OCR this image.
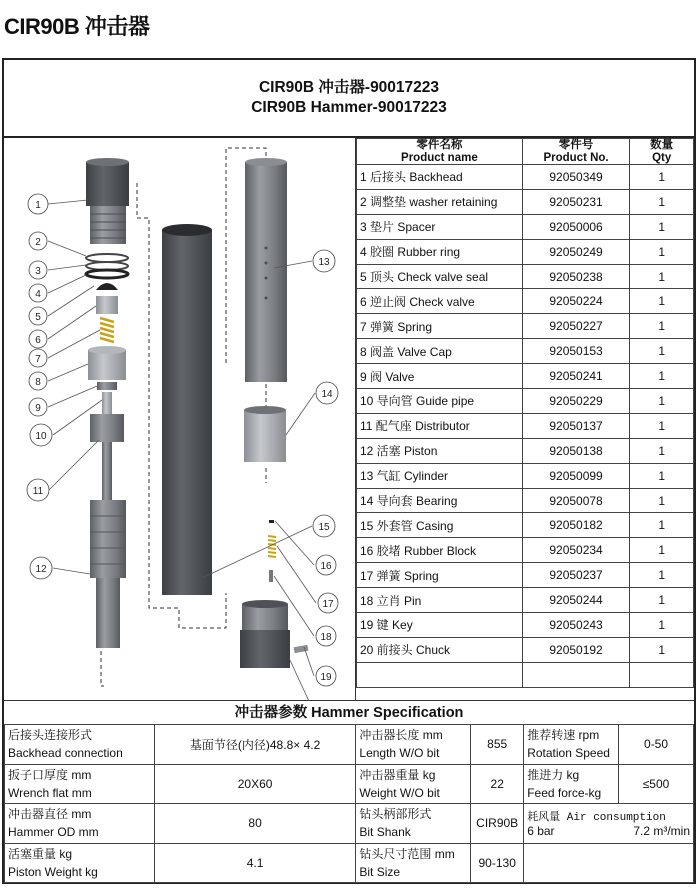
CIR90B 冲击器
CIR90B 冲击器-90017223
CIR90B Hammer-90017223
1
2
3
4
5
6
7
8
9
10
11
12
13
14
15
16
17
18
19
零件名称	零件号	数量
Product name	Product No.	Qty
1 后接头 Backhead	92050349	1
2 调整垫 washer retaining	92050231	1
3 垫片 Spacer	92050006	1
4 胶圈 Rubber ring	92050249	1
5 顶头 Check valve seal	92050238	1
6 逆止阀 Check valve	92050224	1
7 弹簧 Spring	92050227	1
8 阀盖 Valve Cap	92050153	1
9 阀 Valve	92050241	1
10 导向管 Guide pipe	92050229	1
11 配气座 Distributor	92050137	1
12 活塞 Piston	92050138	1
13 气缸 Cylinder	92050099	1
14 导向套 Bearing	92050078	1
15 外套管 Casing	92050182	1
16 胶堵 Rubber Block	92050234	1
17 弹簧 Spring	92050237	1
18 立肖 Pin	92050244	1
19 键 Key	92050243	1
20 前接头 Chuck	92050192	1

冲击器参数 Hammer Specification
后接头连接形式
Backhead connection	基面节径(内径)48.8× 4.2	冲击器长度 mm
Length W/O bit	855	推荐转速 rpm
Rotation Speed	0-50

扳子口厚度 mm
Wrench flat mm	20X60	冲击器重量 kg
Weight W/O bit	22	推进力 kg
Feed force-kg	≤500

冲击器直径 mm
Hammer OD mm	80	钻头柄部形式
Bit Shank	CIR90B	耗风量 Air consumption
6 bar 7.2 m³/min	

活塞重量 kg
Piston Weight kg	4.1	钻头尺寸范围 mm
Bit Size	90-130		
